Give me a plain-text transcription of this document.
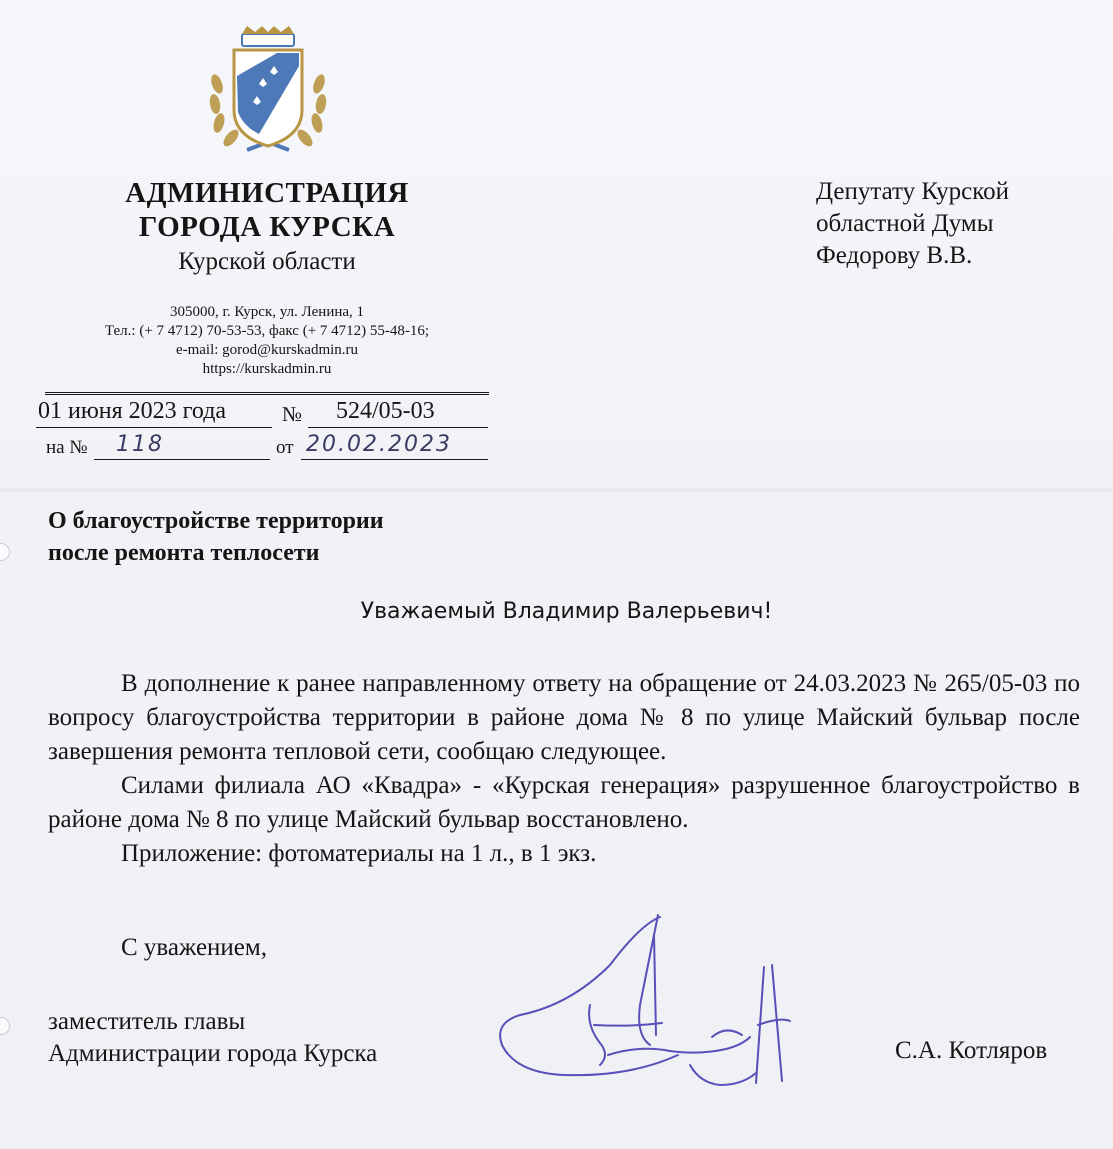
АДМИНИСТРАЦИЯ
ГОРОДА КУРСКА
Курской области
305000, г. Курск, ул. Ленина, 1
Тел.: (+ 7 4712) 70-53-53, факс (+ 7 4712) 55-48-16;
e-mail: gorod@kurskadmin.ru
https://kurskadmin.ru
01 июня 2023 года	№ 524/05-03
на № 118	от 20.02.2023
Депутату Курской
областной Думы
Федорову В.В.
О благоустройстве территории
после ремонта теплосети
Уважаемый Владимир Валерьевич!

В дополнение к ранее направленному ответу на обращение от 24.03.2023 № 265/05-03 по вопросу благоустройства территории в районе дома № 8 по улице Майский бульвар после завершения ремонта тепловой сети, сообщаю следующее.

Силами филиала АО «Квадра» - «Курская генерация» разрушенное благоустройство в районе дома № 8 по улице Майский бульвар восстановлено.

Приложение: фотоматериалы на 1 л., в 1 экз.

С уважением,
заместитель главы
Администрации города Курска	С.А. Котляров
